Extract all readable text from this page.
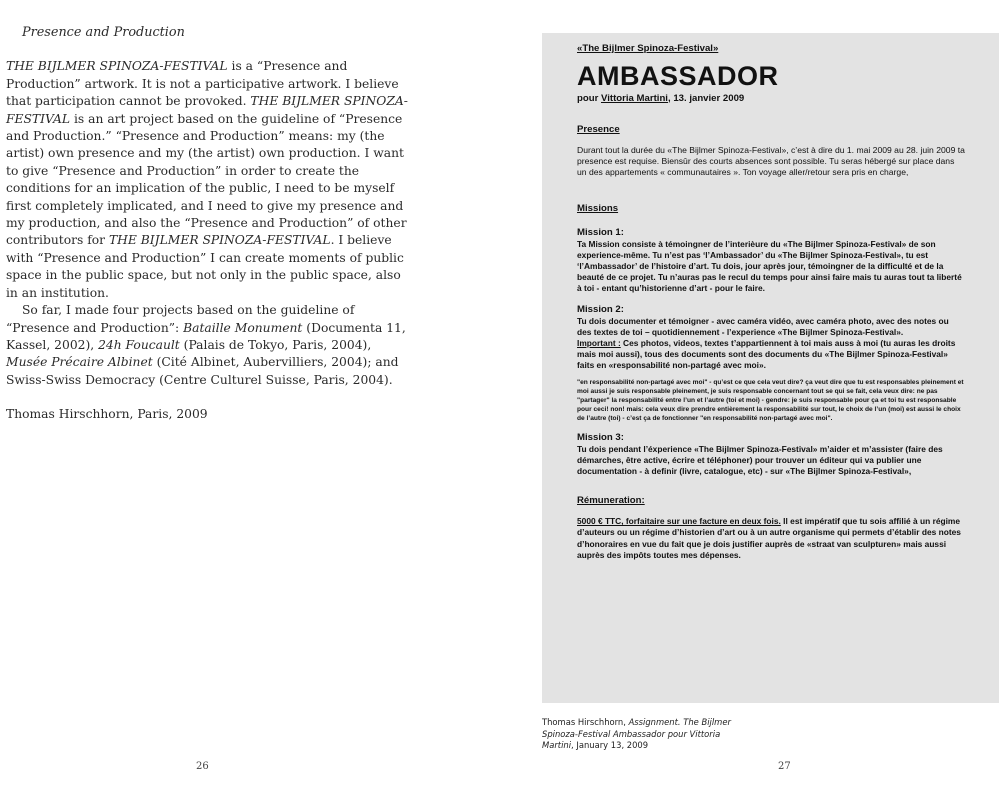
Presence and Production

THE BIJLMER SPINOZA-FESTIVAL is a “Presence and Production” artwork. It is not a participative artwork. I believe that participation cannot be provoked. THE BIJLMER SPINOZA-FESTIVAL is an art project based on the guideline of “Presence and Production.” “Presence and Production” means: my (the artist) own presence and my (the artist) own production. I want to give “Presence and Production” in order to create the conditions for an implication of the public, I need to be myself first completely implicated, and I need to give my presence and my production, and also the “Presence and Production” of other contributors for THE BIJLMER SPINOZA-FESTIVAL. I believe with “Presence and Production” I can create moments of public space in the public space, but not only in the public space, also in an institution.

So far, I made four projects based on the guideline of “Presence and Production”: Bataille Monument (Documenta 11, Kassel, 2002), 24h Foucault (Palais de Tokyo, Paris, 2004), Musée Précaire Albinet (Cité Albinet, Aubervilliers, 2004); and Swiss-Swiss Democracy (Centre Culturel Suisse, Paris, 2004).

Thomas Hirschhorn, Paris, 2009

26
«The Bijlmer Spinoza-Festival»
AMBASSADOR
pour Vittoria Martini, 13. janvier 2009
Presence
Durant tout la durée du «The Bijlmer Spinoza-Festival», c’est à dire du 1. mai 2009 au 28. juin 2009 ta presence est requise. Biensûr des courts absences sont possible. Tu seras hébergé sur place dans un des appartements « communautaires ». Ton voyage aller/retour sera pris en charge,
Missions
Mission 1:
Ta Mission consiste à témoingner de l’interièure du «The Bijlmer Spinoza-Festival» de son experience-même. Tu n’est pas ‘l’Ambassador’ du «The Bijlmer Spinoza-Festival», tu est ‘l’Ambassador’ de l’histoire d’art. Tu dois, jour après jour, témoingner de la difficulté et de la beauté de ce projet. Tu n’auras pas le recul du temps pour ainsi faire mais tu auras tout ta liberté à toi - entant qu’historienne d’art - pour le faire.
Mission 2:
Tu dois documenter et témoigner - avec caméra vidéo, avec caméra photo, avec des notes ou des textes de toi – quotidiennement - l’experience «The Bijlmer Spinoza-Festival».
Important : Ces photos, videos, textes t’appartiennent à toi mais auss à moi (tu auras les droits mais moi aussi), tous des documents sont des documents du «The Bijlmer Spinoza-Festival» faits en «responsabilité non-partagé avec moi».
"en responsabilité non-partagé avec moi" - qu’est ce que cela veut dire? ça veut dire que tu est responsables pleinement et moi aussi je suis responsable pleinement, je suis responsable concernant tout se qui se fait, cela veux dire: ne pas "partager" la responsabilité entre l’un et l’autre (toi et moi) - gendre: je suis responsable pour ça et toi tu est responsable pour ceci! non! mais: cela veux dire prendre entièrement la responsabilité sur tout, le choix de l’un (moi) est aussi le choix de l’autre (toi) - c’est ça de fonctionner "en responsabilité non-partagé avec moi".
Mission 3:
Tu dois pendant l’éxperience «The Bijlmer Spinoza-Festival» m’aider et m’assister (faire des démarches, être active, écrire et téléphoner) pour trouver un éditeur qui va publier une documentation - à definir (livre, catalogue, etc) - sur «The Bijlmer Spinoza-Festival»,
Rémuneration:
5000 € TTC, forfaitaire sur une facture en deux fois. Il est impératif que tu sois affilié à un régime d’auteurs ou un régime d’historien d’art ou à un autre organisme qui permets d’établir des notes d’honoraires en vue du fait que je dois justifier auprès de «straat van sculpturen» mais aussi auprès des impôts toutes mes dépenses.
Thomas Hirschhorn, Assignment. The Bijlmer Spinoza-Festival Ambassador pour Vittoria Martini, January 13, 2009
27
